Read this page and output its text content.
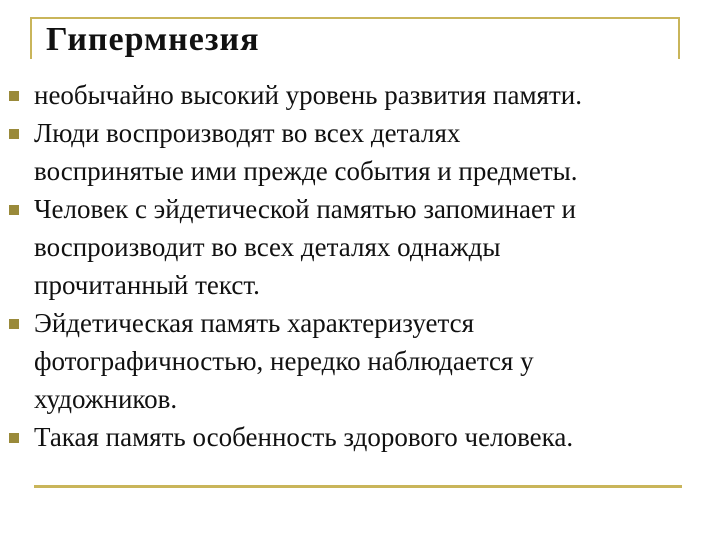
Гипермнезия
необычайно высокий уровень развития памяти.
Люди воспроизводят во всех деталях
воспринятые ими прежде события и предметы.
Человек с эйдетической памятью запоминает и
воспроизводит во всех деталях однажды
прочитанный текст.
Эйдетическая память характеризуется
фотографичностью, нередко наблюдается у
художников.
Такая память особенность здорового человека.
